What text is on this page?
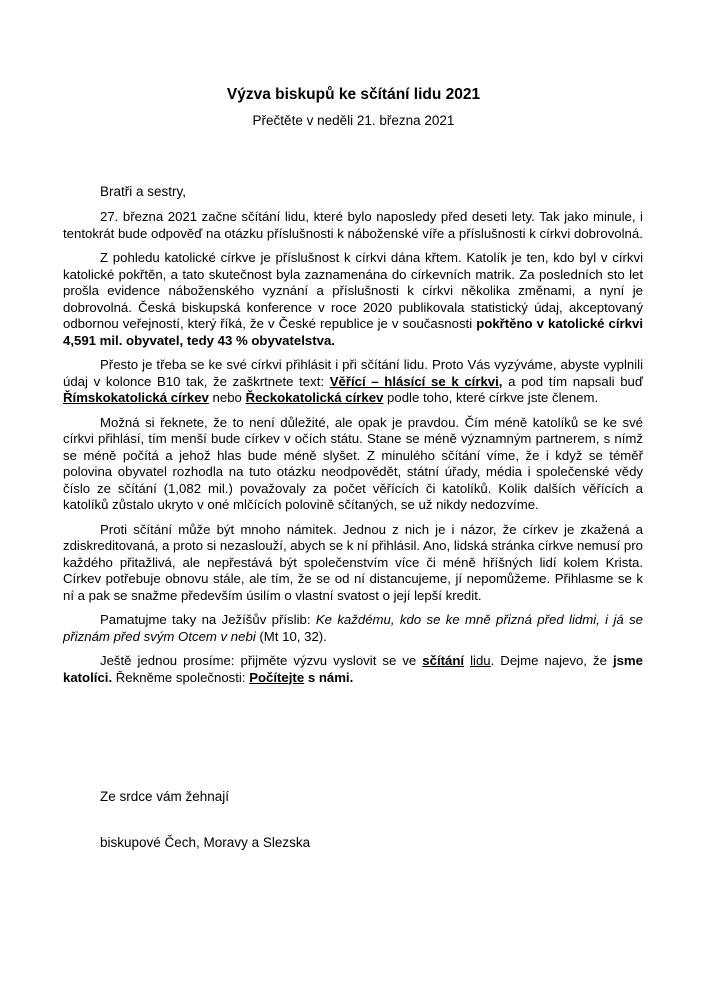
Výzva biskupů ke sčítání lidu 2021
Přečtěte v neděli 21. března 2021
Bratři a sestry,

27. března 2021 začne sčítání lidu, které bylo naposledy před deseti lety. Tak jako minule, i tentokrát bude odpověď na otázku příslušnosti k náboženské víře a příslušnosti k církvi dobrovolná.

Z pohledu katolické církve je příslušnost k církvi dána křtem. Katolík je ten, kdo byl v církvi katolické pokřtěn, a tato skutečnost byla zaznamenána do církevních matrik. Za posledních sto let prošla evidence náboženského vyznání a příslušnosti k církvi několika změnami, a nyní je dobrovolná. Česká biskupská konference v roce 2020 publikovala statistický údaj, akceptovaný odbornou veřejností, který říká, že v České republice je v současnosti pokřtěno v katolické církvi 4,591 mil. obyvatel, tedy 43 % obyvatelstva.

Přesto je třeba se ke své církvi přihlásit i při sčítání lidu. Proto Vás vyzýváme, abyste vyplnili údaj v kolonce B10 tak, že zaškrtnete text: Věřící – hlásící se k církvi, a pod tím napsali buď Římskokatolická církev nebo Řeckokatolická církev podle toho, které církve jste členem.

Možná si řeknete, že to není důležité, ale opak je pravdou. Čím méně katolíků se ke své církvi přihlásí, tím menší bude církev v očích státu. Stane se méně významným partnerem, s nímž se méně počítá a jehož hlas bude méně slyšet. Z minulého sčítání víme, že i když se téměř polovina obyvatel rozhodla na tuto otázku neodpovědět, státní úřady, média i společenské vědy číslo ze sčítání (1,082 mil.) považovaly za počet věřících či katolíků. Kolik dalších věřících a katolíků zůstalo ukryto v oné mlčících polovině sčítaných, se už nikdy nedozvíme.

Proti sčítání může být mnoho námitek. Jednou z nich je i názor, že církev je zkažená a zdiskreditovaná, a proto si nezaslouží, abych se k ní přihlásil. Ano, lidská stránka církve nemusí pro každého přitažlivá, ale nepřestává být společenstvím více či méně hříšných lidí kolem Krista. Církev potřebuje obnovu stále, ale tím, že se od ní distancujeme, jí nepomůžeme. Přihlasme se k ní a pak se snažme především úsilím o vlastní svatost o její lepší kredit.

Pamatujme taky na Ježíšův příslib: Ke každému, kdo se ke mně přizná před lidmi, i já se přiznám před svým Otcem v nebi (Mt 10, 32).

Ještě jednou prosíme: přijměte výzvu vyslovit se ve sčítání lidu. Dejme najevo, že jsme katolíci. Řekněme společnosti: Počítejte s námi.

Ze srdce vám žehnají
biskupové Čech, Moravy a Slezska
